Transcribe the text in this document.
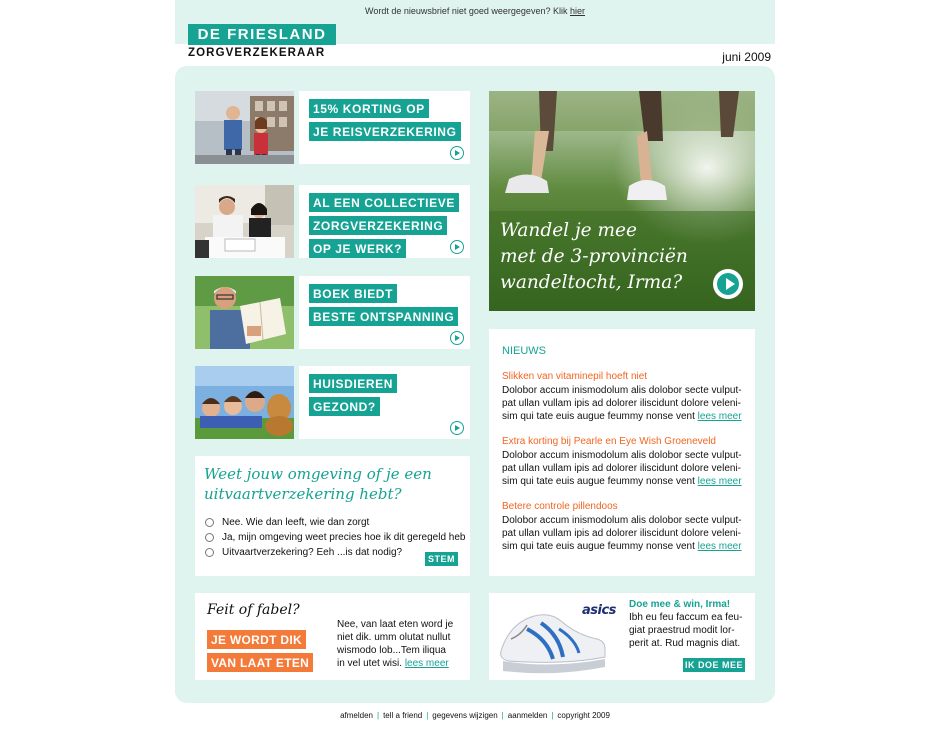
Wordt de nieuwsbrief niet goed weergegeven? Klik hier
DE FRIESLAND
ZORGVERZEKERAAR	juni 2009
15% KORTING OP
JE REISVERZEKERING
AL EEN COLLECTIEVE
ZORGVERZEKERING
OP JE WERK?
BOEK BIEDT
BESTE ONTSPANNING
HUISDIEREN
GEZOND?
Wandel je mee
met de 3-provinciën
wandeltocht, Irma?
NIEUWS
Slikken van vitaminepil hoeft niet
Dolobor accum inismodolum alis dolobor secte vulput-
pat ullan vullam ipis ad dolorer iliscidunt dolore veleni-
sim qui tate euis augue feummy nonse vent lees meer
Extra korting bij Pearle en Eye Wish Groeneveld
Dolobor accum inismodolum alis dolobor secte vulput-
pat ullan vullam ipis ad dolorer iliscidunt dolore veleni-
sim qui tate euis augue feummy nonse vent lees meer
Betere controle pillendoos
Dolobor accum inismodolum alis dolobor secte vulput-
pat ullan vullam ipis ad dolorer iliscidunt dolore veleni-
sim qui tate euis augue feummy nonse vent lees meer
Weet jouw omgeving of je een
uitvaartverzekering hebt?
Nee. Wie dan leeft, wie dan zorgt
Ja, mijn omgeving weet precies hoe ik dit geregeld heb
Uitvaartverzekering? Eeh ...is dat nodig?
STEM
Feit of fabel?
JE WORDT DIK
VAN LAAT ETEN
Nee, van laat eten word je
niet dik. umm olutat nullut
wismodo lob...Tem iliqua
in vel utet wisi. lees meer
asics Doe mee & win, Irma!
Ibh eu feu faccum ea feu-
giat praestrud modit lor-
perit at. Rud magnis diat.
IK DOE MEE
afmelden | tell a friend | gegevens wijzigen | aanmelden | copyright 2009
